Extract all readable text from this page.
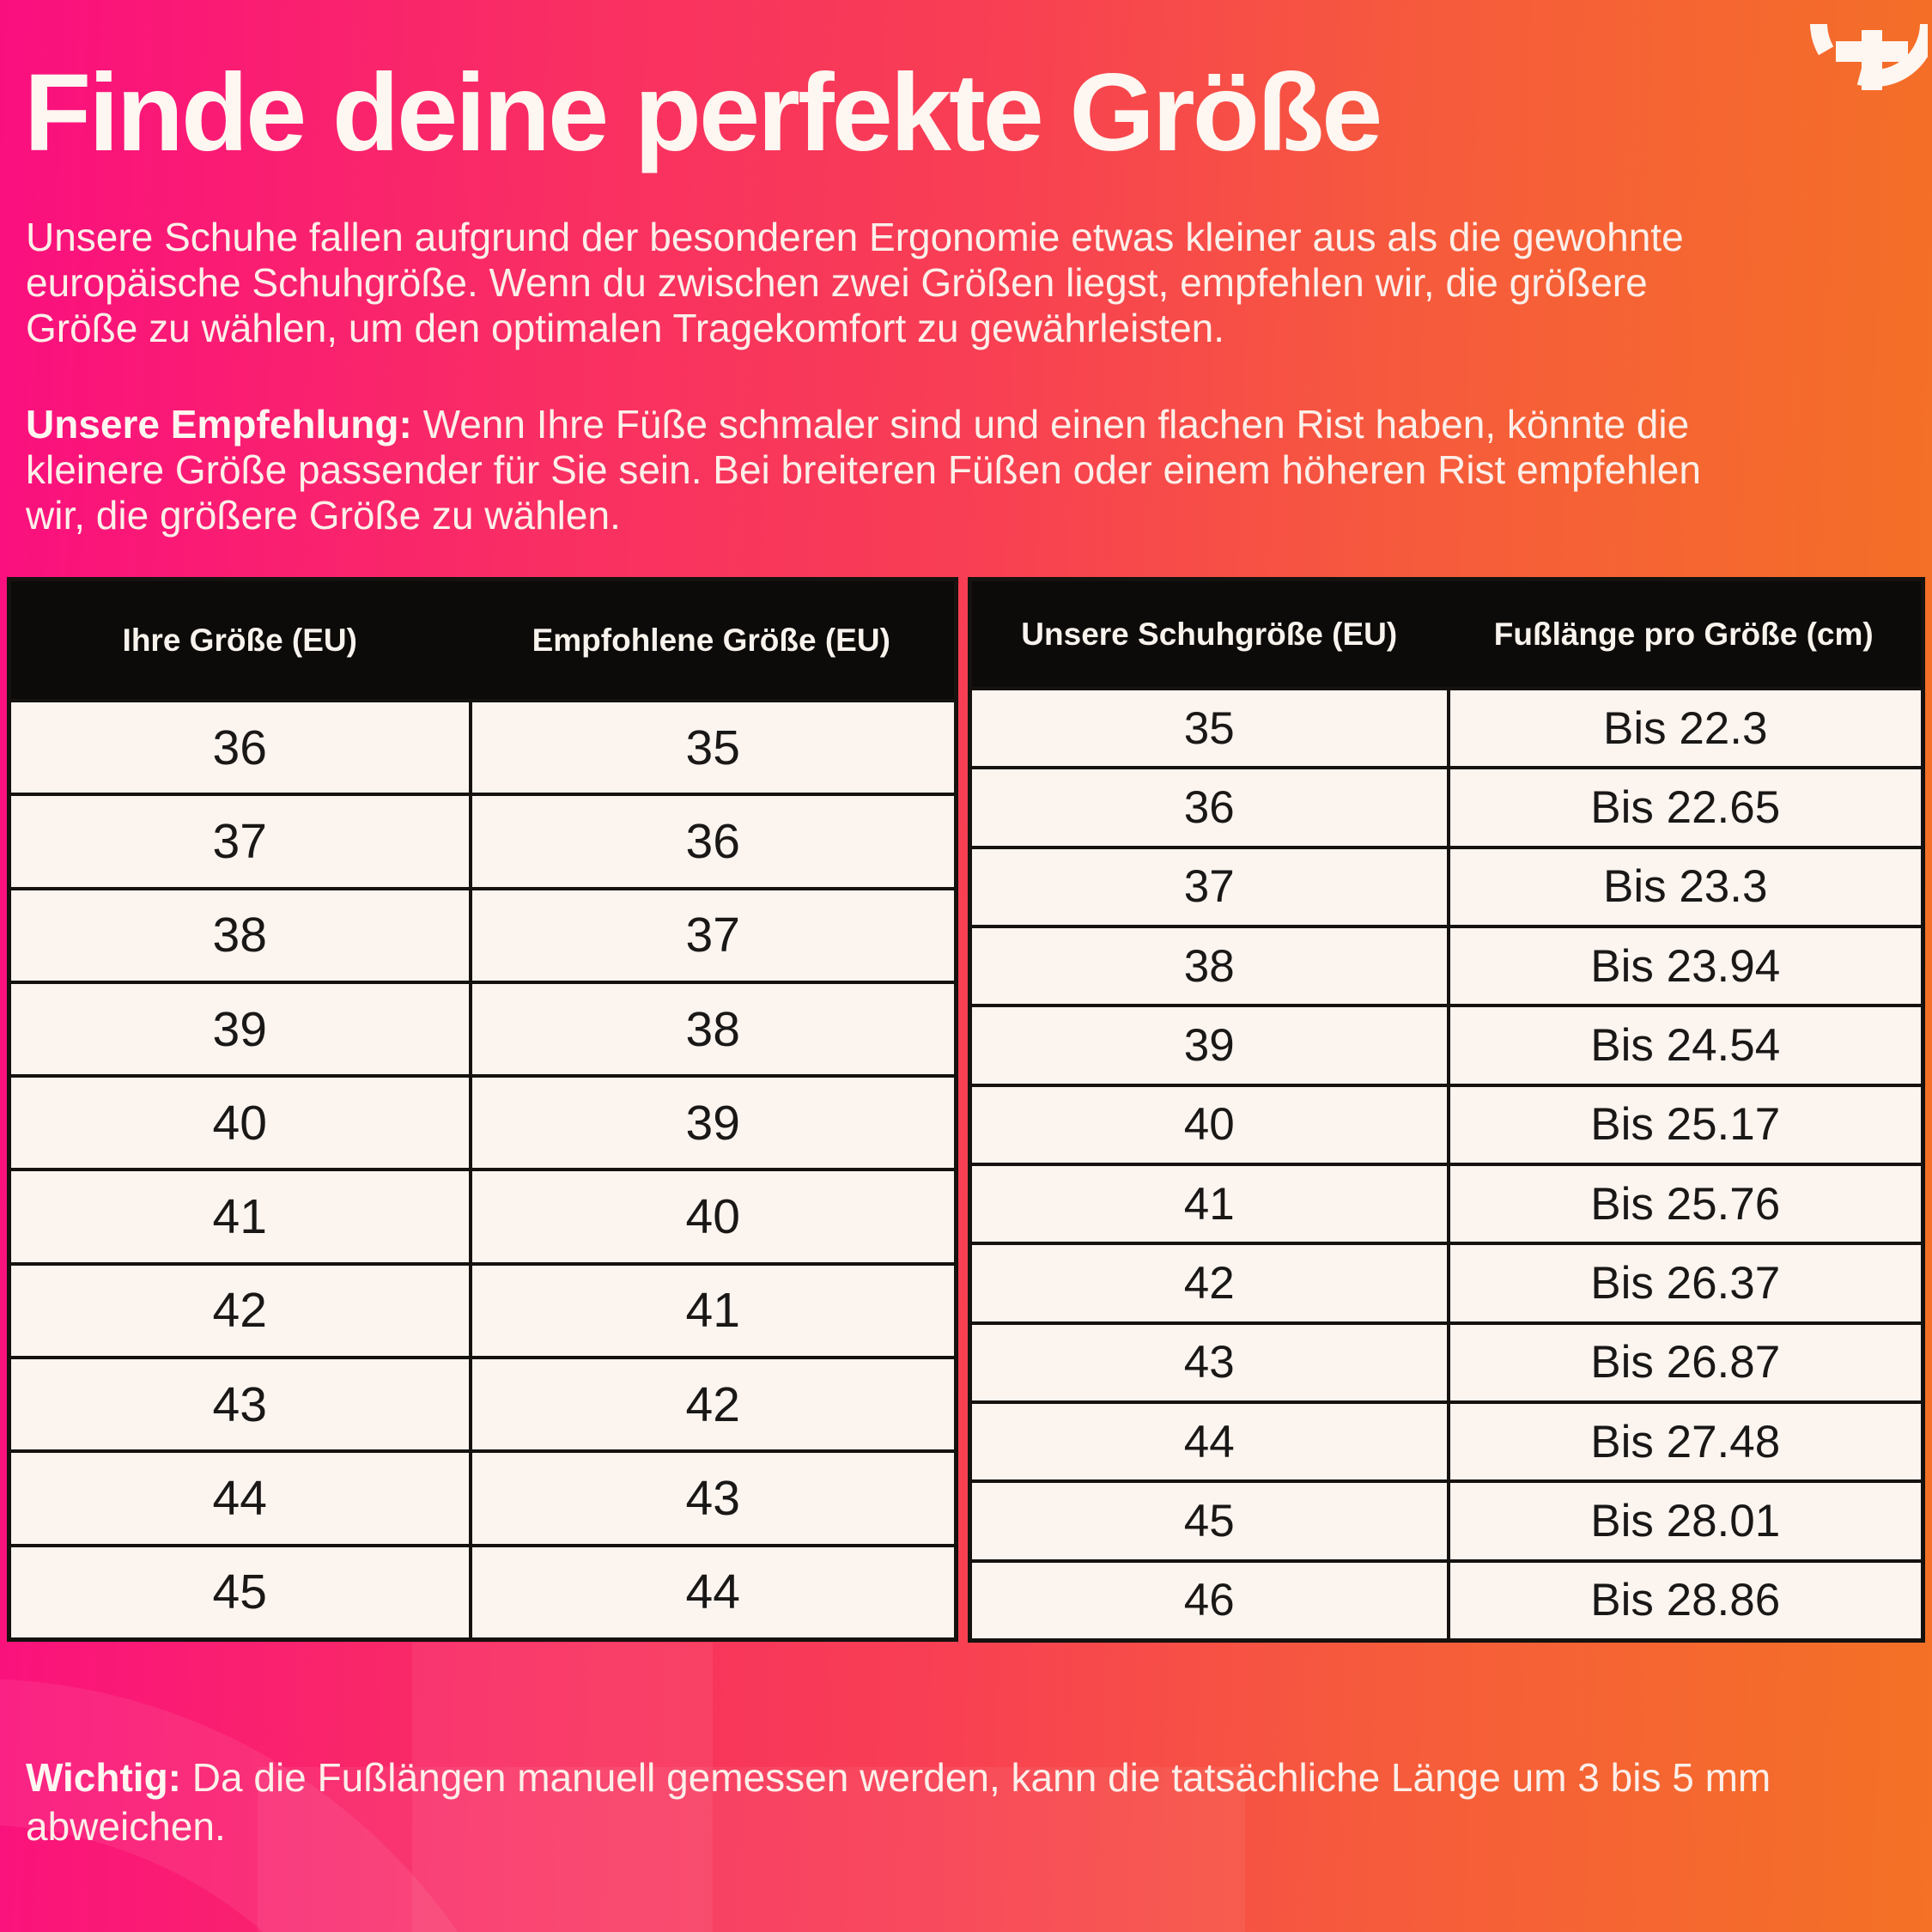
Finde deine perfekte Größe
Unsere Schuhe fallen aufgrund der besonderen Ergonomie etwas kleiner aus als die gewohnte
europäische Schuhgröße. Wenn du zwischen zwei Größen liegst, empfehlen wir, die größere
Größe zu wählen, um den optimalen Tragekomfort zu gewährleisten.
Unsere Empfehlung: Wenn Ihre Füße schmaler sind und einen flachen Rist haben, könnte die
kleinere Größe passender für Sie sein. Bei breiteren Füßen oder einem höheren Rist empfehlen
wir, die größere Größe zu wählen.
Ihre Größe (EU)	Empfohlene Größe (EU)
36	35
37	36
38	37
39	38
40	39
41	40
42	41
43	42
44	43
45	44
Unsere Schuhgröße (EU)	Fußlänge pro Größe (cm)
35	Bis 22.3
36	Bis 22.65
37	Bis 23.3
38	Bis 23.94
39	Bis 24.54
40	Bis 25.17
41	Bis 25.76
42	Bis 26.37
43	Bis 26.87
44	Bis 27.48
45	Bis 28.01
46	Bis 28.86
Wichtig: Da die Fußlängen manuell gemessen werden, kann die tatsächliche Länge um 3 bis 5 mm
abweichen.
